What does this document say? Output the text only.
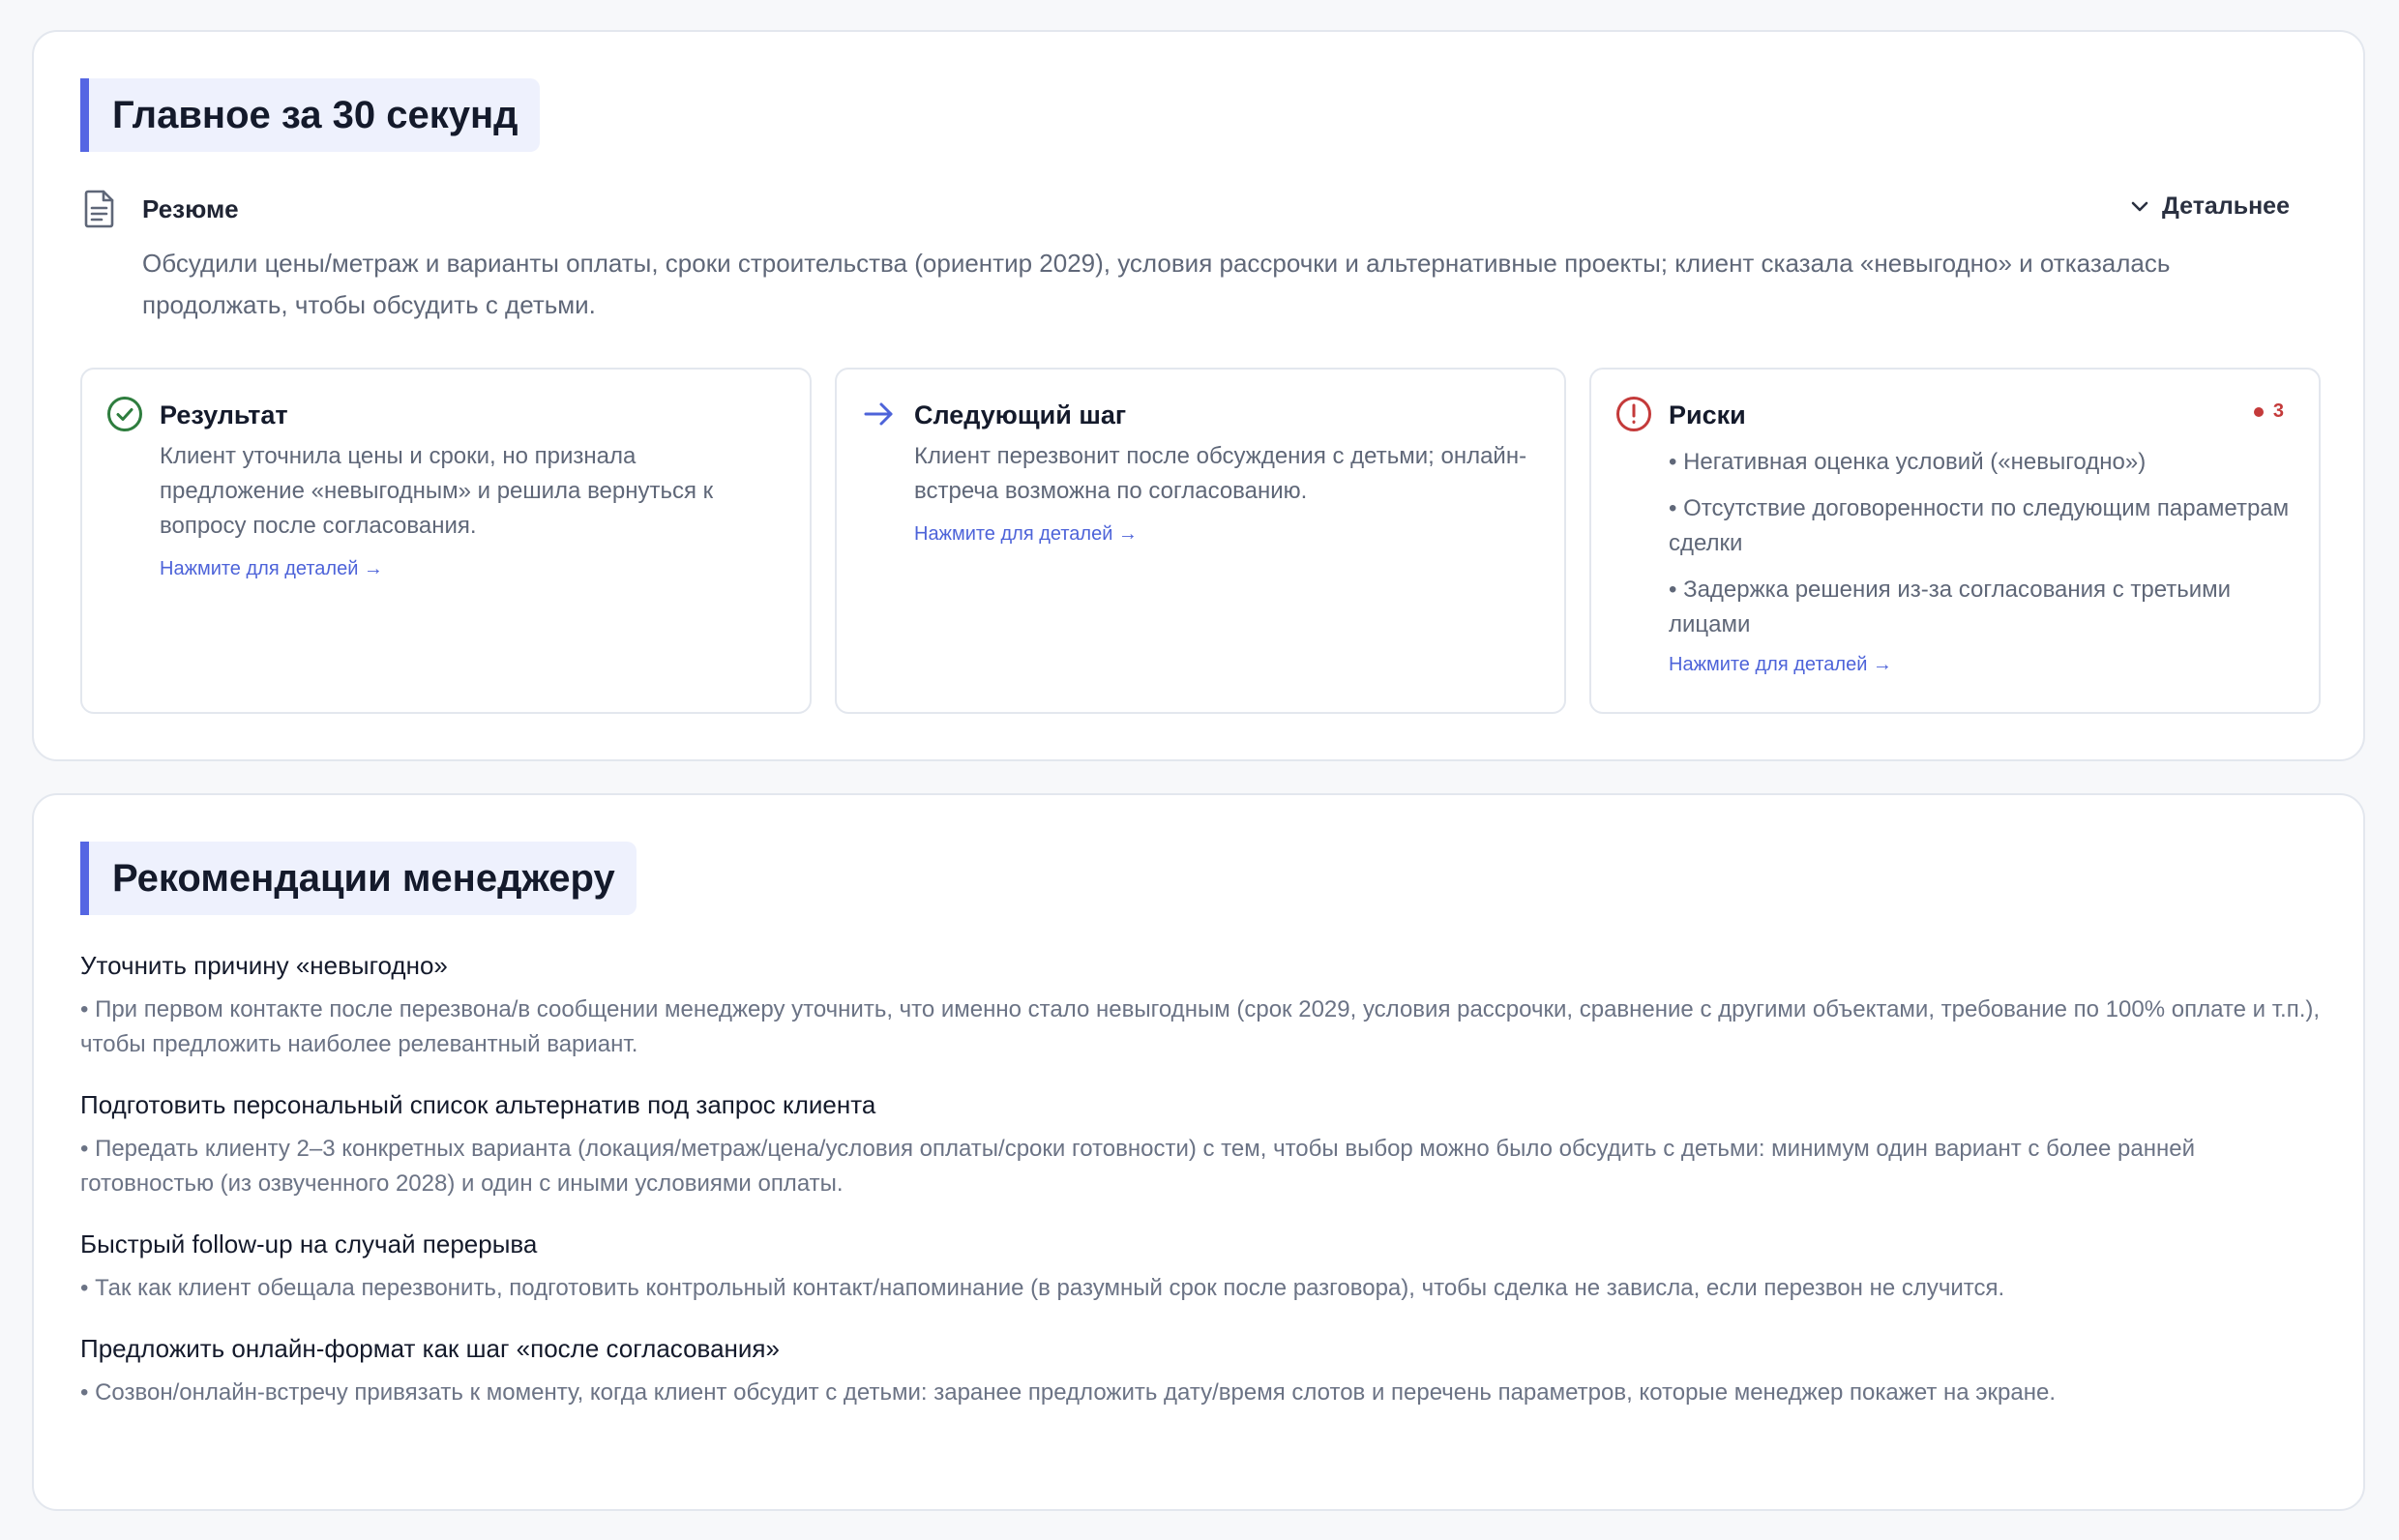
Главное за 30 секунд
Резюме	Детальнее
Обсудили цены/метраж и варианты оплаты, сроки строительства (ориентир 2029), условия рассрочки и альтернативные проекты; клиент сказала «невыгодно» и отказалась продолжать, чтобы обсудить с детьми.
Результат
Клиент уточнила цены и сроки, но признала предложение «невыгодным» и решила вернуться к вопросу после согласования.
Нажмите для деталей →
Следующий шаг
Клиент перезвонит после обсуждения с детьми; онлайн-встреча возможна по согласованию.
Нажмите для деталей →
Риски	3
• Негативная оценка условий («невыгодно»)
• Отсутствие договоренности по следующим параметрам сделки
• Задержка решения из-за согласования с третьими лицами
Нажмите для деталей →
Рекомендации менеджеру
Уточнить причину «невыгодно»
• При первом контакте после перезвона/в сообщении менеджеру уточнить, что именно стало невыгодным (срок 2029, условия рассрочки, сравнение с другими объектами, требование по 100% оплате и т.п.), чтобы предложить наиболее релевантный вариант.
Подготовить персональный список альтернатив под запрос клиента
• Передать клиенту 2–3 конкретных варианта (локация/метраж/цена/условия оплаты/сроки готовности) с тем, чтобы выбор можно было обсудить с детьми: минимум один вариант с более ранней готовностью (из озвученного 2028) и один с иными условиями оплаты.
Быстрый follow-up на случай перерыва
• Так как клиент обещала перезвонить, подготовить контрольный контакт/напоминание (в разумный срок после разговора), чтобы сделка не зависла, если перезвон не случится.
Предложить онлайн-формат как шаг «после согласования»
• Созвон/онлайн-встречу привязать к моменту, когда клиент обсудит с детьми: заранее предложить дату/время слотов и перечень параметров, которые менеджер покажет на экране.
